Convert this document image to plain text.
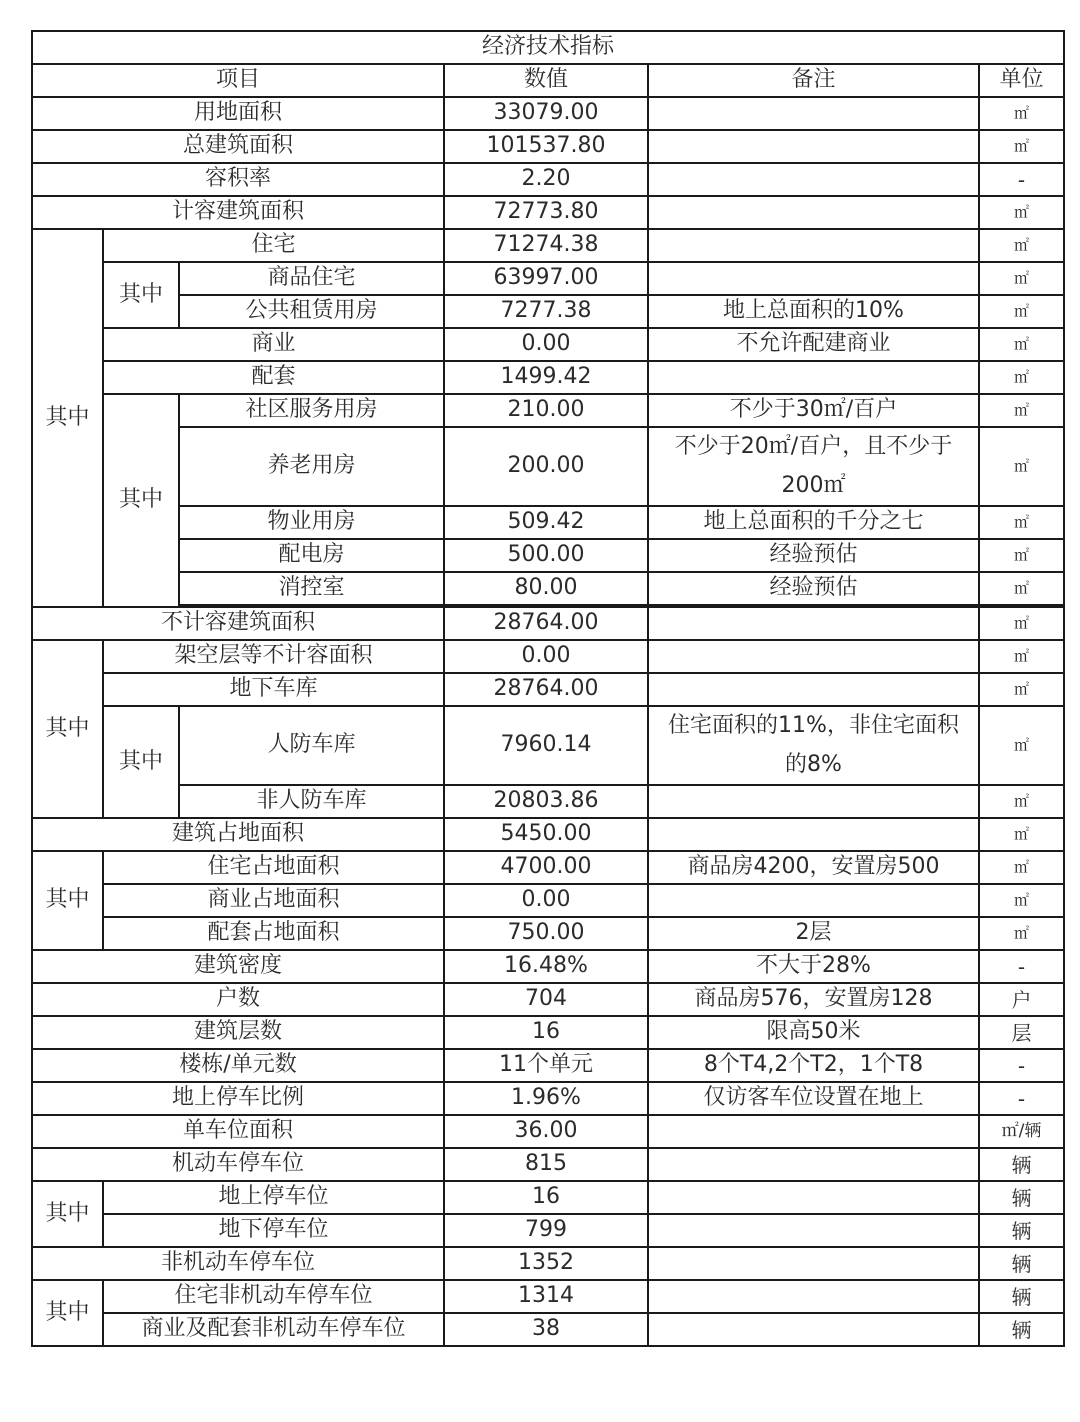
经济技术指标					
项目			数值	备注	单位
用地面积			33079.00		㎡
总建筑面积			101537.80		㎡
容积率			2.20		-
计容建筑面积			72773.80		㎡
其中	住宅		71274.38		㎡
	其中	商品住宅	63997.00		㎡
		公共租赁用房	7277.38	地上总面积的10%	㎡
	商业		0.00	不允许配建商业	㎡
	配套		1499.42		㎡
	其中	社区服务用房	210.00	不少于30㎡/百户	㎡
		养老用房	200.00	不少于20㎡/百户，且不少于200㎡	㎡
		物业用房	509.42	地上总面积的千分之七	㎡
		配电房	500.00	经验预估	㎡
		消控室	80.00	经验预估	㎡

不计容建筑面积			28764.00		㎡
其中	架空层等不计容面积		0.00		㎡
	地下车库		28764.00		㎡
	其中	人防车库	7960.14	住宅面积的11%，非住宅面积的8%	㎡
		非人防车库	20803.86		㎡
建筑占地面积			5450.00		㎡
其中	住宅占地面积		4700.00	商品房4200，安置房500	㎡
	商业占地面积		0.00		㎡
	配套占地面积		750.00	2层	㎡
建筑密度			16.48%	不大于28%	-
户数			704	商品房576，安置房128	户
建筑层数			16	限高50米	层
楼栋/单元数			11个单元	8个T4,2个T2，1个T8	-
地上停车比例			1.96%	仅访客车位设置在地上	-
单车位面积			36.00		㎡/辆
机动车停车位			815		辆
其中	地上停车位		16		辆
	地下停车位		799		辆
非机动车停车位			1352		辆
其中	住宅非机动车停车位		1314		辆
	商业及配套非机动车停车位		38		辆
